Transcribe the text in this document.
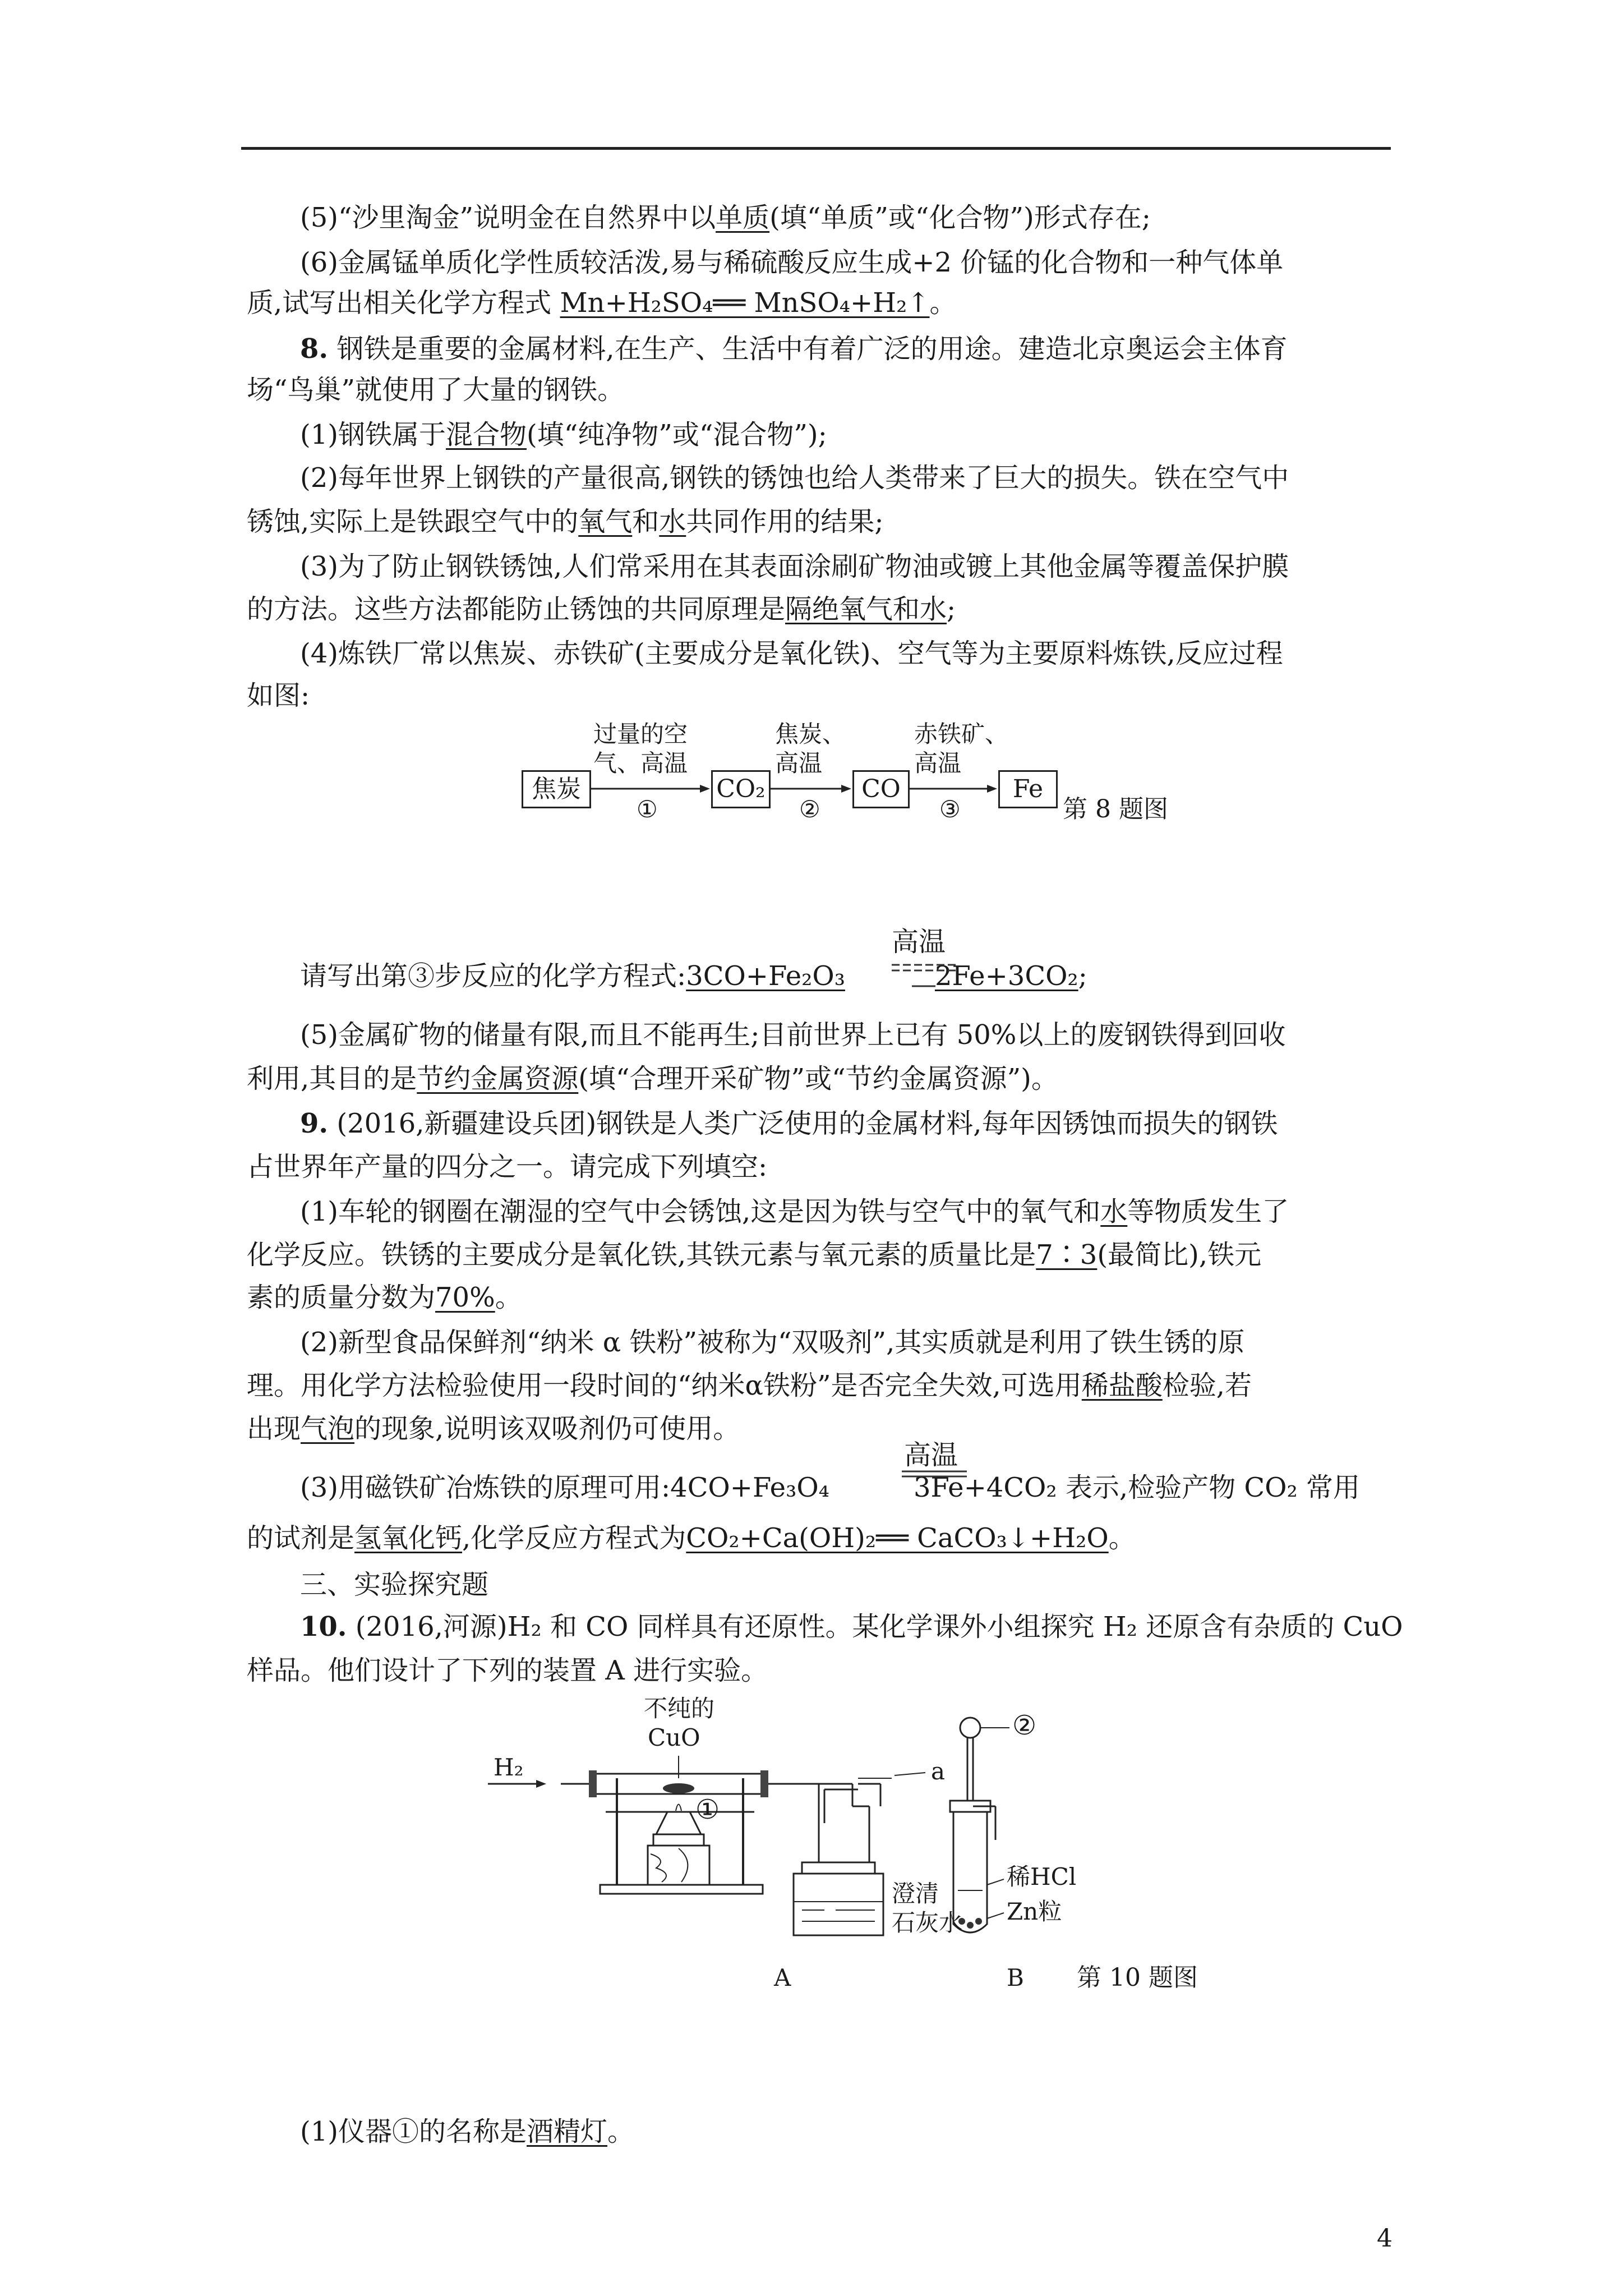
(5)“沙里淘金”说明金在自然界中以单质(填“单质”或“化合物”)形式存在;
(6)金属锰单质化学性质较活泼,易与稀硫酸反应生成+2 价锰的化合物和一种气体单
质,试写出相关化学方程式 Mn+H₂SO₄══ MnSO₄+H₂↑。
8. 钢铁是重要的金属材料,在生产、生活中有着广泛的用途。建造北京奥运会主体育
场“鸟巢”就使用了大量的钢铁。
(1)钢铁属于混合物(填“纯净物”或“混合物”);
(2)每年世界上钢铁的产量很高,钢铁的锈蚀也给人类带来了巨大的损失。铁在空气中
锈蚀,实际上是铁跟空气中的氧气和水共同作用的结果;
(3)为了防止钢铁锈蚀,人们常采用在其表面涂刷矿物油或镀上其他金属等覆盖保护膜
的方法。这些方法都能防止锈蚀的共同原理是隔绝氧气和水;
(4)炼铁厂常以焦炭、赤铁矿(主要成分是氧化铁)、空气等为主要原料炼铁,反应过程
如图:
焦炭	CO₂	CO	Fe
过量的空
气、高温
焦炭、
高温
赤铁矿、
高温
①	②	③	第 8 题图
请写出第③步反应的化学方程式:3CO+Fe₂O₃	2Fe+3CO₂;
高温
(5)金属矿物的储量有限,而且不能再生;目前世界上已有 50%以上的废钢铁得到回收
利用,其目的是节约金属资源(填“合理开采矿物”或“节约金属资源”)。
9. (2016,新疆建设兵团)钢铁是人类广泛使用的金属材料,每年因锈蚀而损失的钢铁
占世界年产量的四分之一。请完成下列填空:
(1)车轮的钢圈在潮湿的空气中会锈蚀,这是因为铁与空气中的氧气和水等物质发生了
化学反应。铁锈的主要成分是氧化铁,其铁元素与氧元素的质量比是7∶3(最简比),铁元
素的质量分数为70%。
(2)新型食品保鲜剂“纳米 α 铁粉”被称为“双吸剂”,其实质就是利用了铁生锈的原
理。用化学方法检验使用一段时间的“纳米α铁粉”是否完全失效,可选用稀盐酸检验,若
出现气泡的现象,说明该双吸剂仍可使用。
(3)用磁铁矿冶炼铁的原理可用:4CO+Fe₃O₄	3Fe+4CO₂ 表示,检验产物 CO₂ 常用
高温
的试剂是氢氧化钙,化学反应方程式为CO₂+Ca(OH)₂══ CaCO₃↓+H₂O。
三、实验探究题
10. (2016,河源)H₂ 和 CO 同样具有还原性。某化学课外小组探究 H₂ 还原含有杂质的 CuO
样品。他们设计了下列的装置 A 进行实验。
H₂
不纯的
CuO
①
a
澄清
石灰水
②
稀HCl
Zn粒
A	B 第 10 题图
(1)仪器①的名称是酒精灯。
4
